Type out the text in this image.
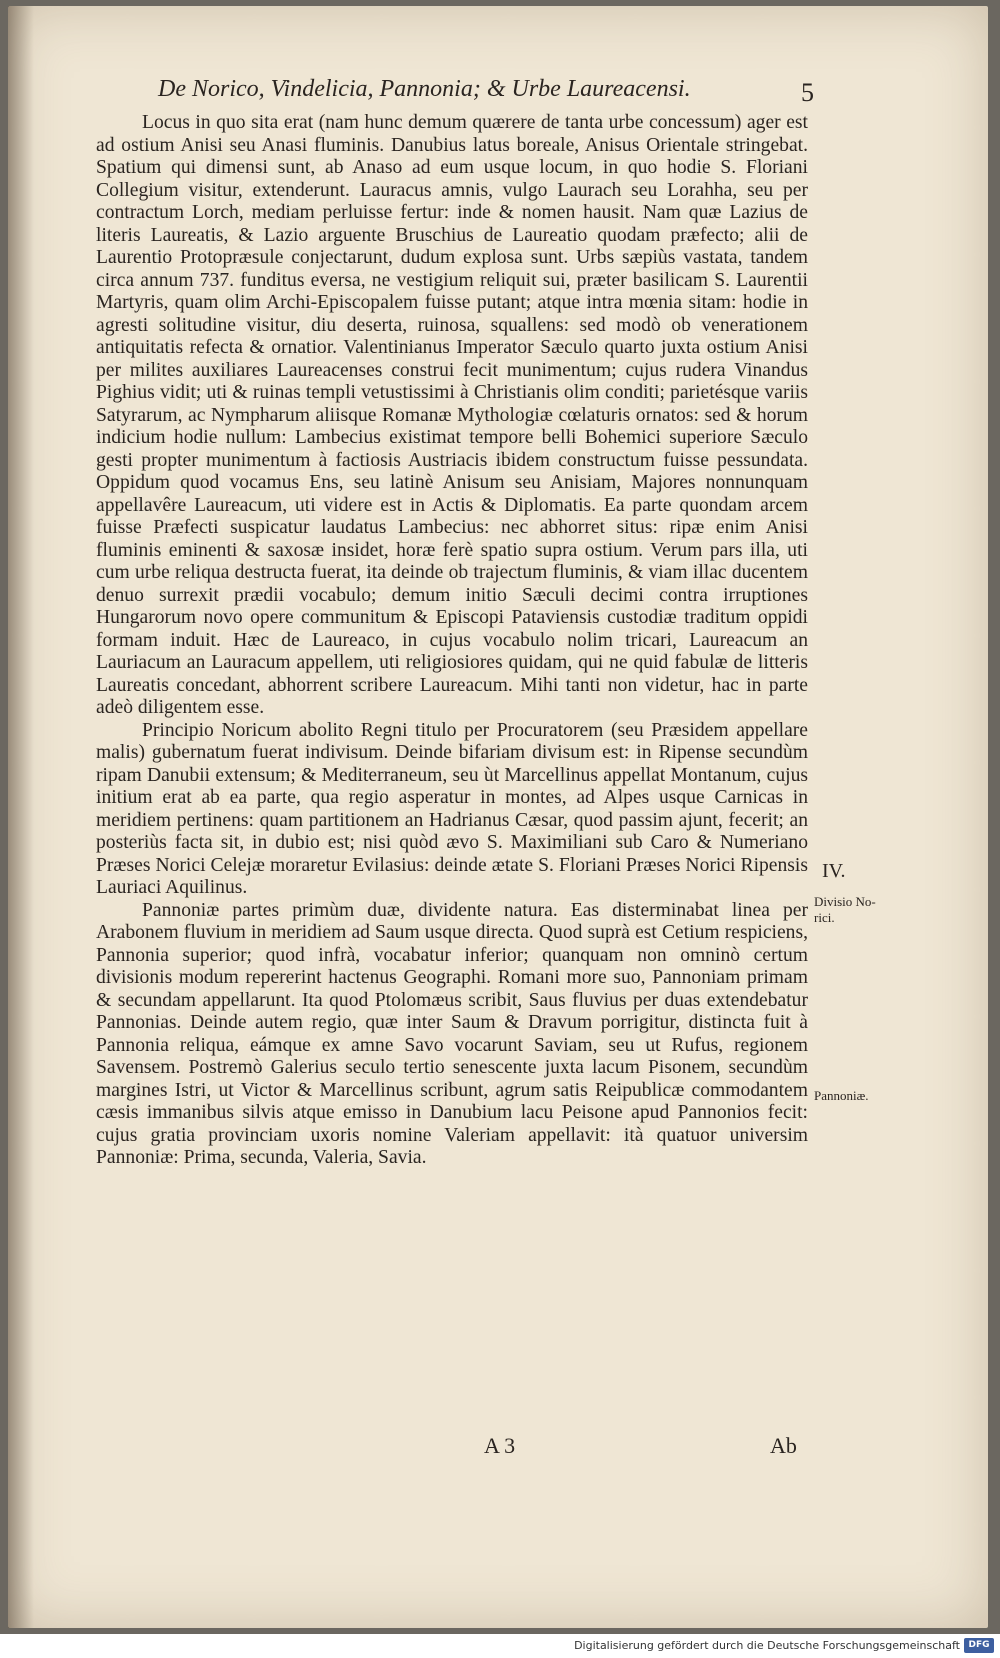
De Norico, Vindelicia, Pannonia; & Urbe Laureacensi.	5

Locus in quo sita erat (nam hunc demum quærere de tanta urbe concessum) ager est ad ostium Anisi seu Anasi fluminis. Danubius latus boreale, Anisus Orientale stringebat. Spatium qui dimensi sunt, ab Anaso ad eum usque locum, in quo hodie S. Floriani Collegium visitur, extenderunt. Lauracus amnis, vulgo Laurach seu Lorahha, seu per contractum Lorch, mediam perluisse fertur: inde & nomen hausit. Nam quæ Lazius de literis Laureatis, & Lazio arguente Bruschius de Laureatio quodam præfecto; alii de Laurentio Protopræsule conjectarunt, dudum explosa sunt. Urbs sæpiùs vastata, tandem circa annum 737. funditus eversa, ne vestigium reliquit sui, præter basilicam S. Laurentii Martyris, quam olim Archi-Episcopalem fuisse putant; atque intra mœnia sitam: hodie in agresti solitudine visitur, diu deserta, ruinosa, squallens: sed modò ob venerationem antiquitatis refecta & ornatior. Valentinianus Imperator Sæculo quarto juxta ostium Anisi per milites auxiliares Laureacenses construi fecit munimentum; cujus rudera Vinandus Pighius vidit; uti & ruinas templi vetustissimi à Christianis olim conditi; parietésque variis Satyrarum, ac Nympharum aliisque Romanæ Mythologiæ cœlaturis ornatos: sed & horum indicium hodie nullum: Lambecius existimat tempore belli Bohemici superiore Sæculo gesti propter munimentum à factiosis Austriacis ibidem constructum fuisse pessundata. Oppidum quod vocamus Ens, seu latinè Anisum seu Anisiam, Majores nonnunquam appellavêre Laureacum, uti videre est in Actis & Diplomatis. Ea parte quondam arcem fuisse Præfecti suspicatur laudatus Lambecius: nec abhorret situs: ripæ enim Anisi fluminis eminenti & saxosæ insidet, horæ ferè spatio supra ostium. Verum pars illa, uti cum urbe reliqua destructa fuerat, ita deinde ob trajectum fluminis, & viam illac ducentem denuo surrexit prædii vocabulo; demum initio Sæculi decimi contra irruptiones Hungarorum novo opere communitum & Episcopi Pataviensis custodiæ traditum oppidi formam induit. Hæc de Laureaco, in cujus vocabulo nolim tricari, Laureacum an Lauriacum an Lauracum appellem, uti religiosiores quidam, qui ne quid fabulæ de litteris Laureatis concedant, abhorrent scribere Laureacum. Mihi tanti non videtur, hac in parte adeò diligentem esse.

Principio Noricum abolito Regni titulo per Procuratorem (seu Præsidem appellare malis) gubernatum fuerat indivisum. Deinde bifariam divisum est: in Ripense secundùm ripam Danubii extensum; & Mediterraneum, seu ùt Marcellinus appellat Montanum, cujus initium erat ab ea parte, qua regio asperatur in montes, ad Alpes usque Carnicas in meridiem pertinens: quam partitionem an Hadrianus Cæsar, quod passim ajunt, fecerit; an posteriùs facta sit, in dubio est; nisi quòd ævo S. Maximiliani sub Caro & Numeriano Præses Norici Celejæ moraretur Evilasius: deinde ætate S. Floriani Præses Norici Ripensis Lauriaci Aquilinus.

Pannoniæ partes primùm duæ, dividente natura. Eas disterminabat linea per Arabonem fluvium in meridiem ad Saum usque directa. Quod suprà est Cetium respiciens, Pannonia superior; quod infrà, vocabatur inferior; quanquam non omninò certum divisionis modum repererint hactenus Geographi. Romani more suo, Pannoniam primam & secundam appellarunt. Ita quod Ptolomæus scribit, Saus fluvius per duas extendebatur Pannonias. Deinde autem regio, quæ inter Saum & Dravum porrigitur, distincta fuit à Pannonia reliqua, eámque ex amne Savo vocarunt Saviam, seu ut Rufus, regionem Savensem. Postremò Galerius seculo tertio senescente juxta lacum Pisonem, secundùm margines Istri, ut Victor & Marcellinus scribunt, agrum satis Reipublicæ commodantem cæsis immanibus silvis atque emisso in Danubium lacu Peisone apud Pannonios fecit: cujus gratia provinciam uxoris nomine Valeriam appellavit: ità quatuor universim Pannoniæ: Prima, secunda, Valeria, Savia.

IV.
Divisio No-
rici.
Pannoniæ.
A 3	Ab
Digitalisierung gefördert durch die Deutsche Forschungsgemeinschaft DFG
